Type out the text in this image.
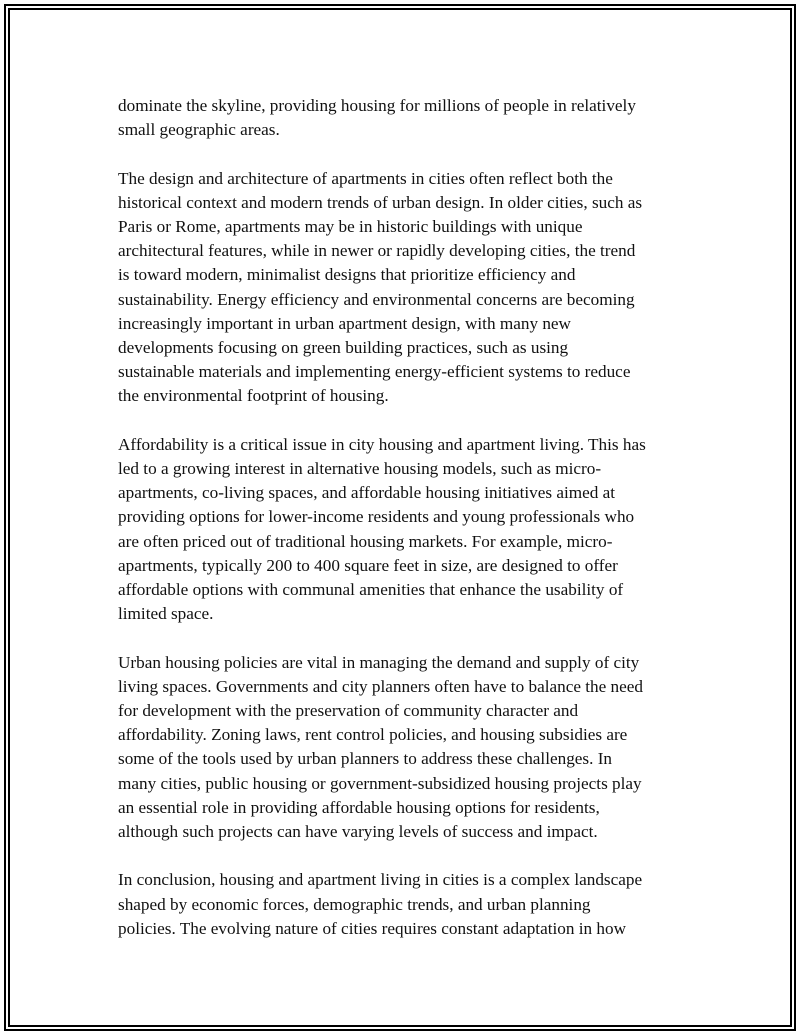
dominate the skyline, providing housing for millions of people in relatively
small geographic areas.

The design and architecture of apartments in cities often reflect both the
historical context and modern trends of urban design. In older cities, such as
Paris or Rome, apartments may be in historic buildings with unique
architectural features, while in newer or rapidly developing cities, the trend
is toward modern, minimalist designs that prioritize efficiency and
sustainability. Energy efficiency and environmental concerns are becoming
increasingly important in urban apartment design, with many new
developments focusing on green building practices, such as using
sustainable materials and implementing energy-efficient systems to reduce
the environmental footprint of housing.

Affordability is a critical issue in city housing and apartment living. This has
led to a growing interest in alternative housing models, such as micro-
apartments, co-living spaces, and affordable housing initiatives aimed at
providing options for lower-income residents and young professionals who
are often priced out of traditional housing markets. For example, micro-
apartments, typically 200 to 400 square feet in size, are designed to offer
affordable options with communal amenities that enhance the usability of
limited space.

Urban housing policies are vital in managing the demand and supply of city
living spaces. Governments and city planners often have to balance the need
for development with the preservation of community character and
affordability. Zoning laws, rent control policies, and housing subsidies are
some of the tools used by urban planners to address these challenges. In
many cities, public housing or government-subsidized housing projects play
an essential role in providing affordable housing options for residents,
although such projects can have varying levels of success and impact.

In conclusion, housing and apartment living in cities is a complex landscape
shaped by economic forces, demographic trends, and urban planning
policies. The evolving nature of cities requires constant adaptation in how
